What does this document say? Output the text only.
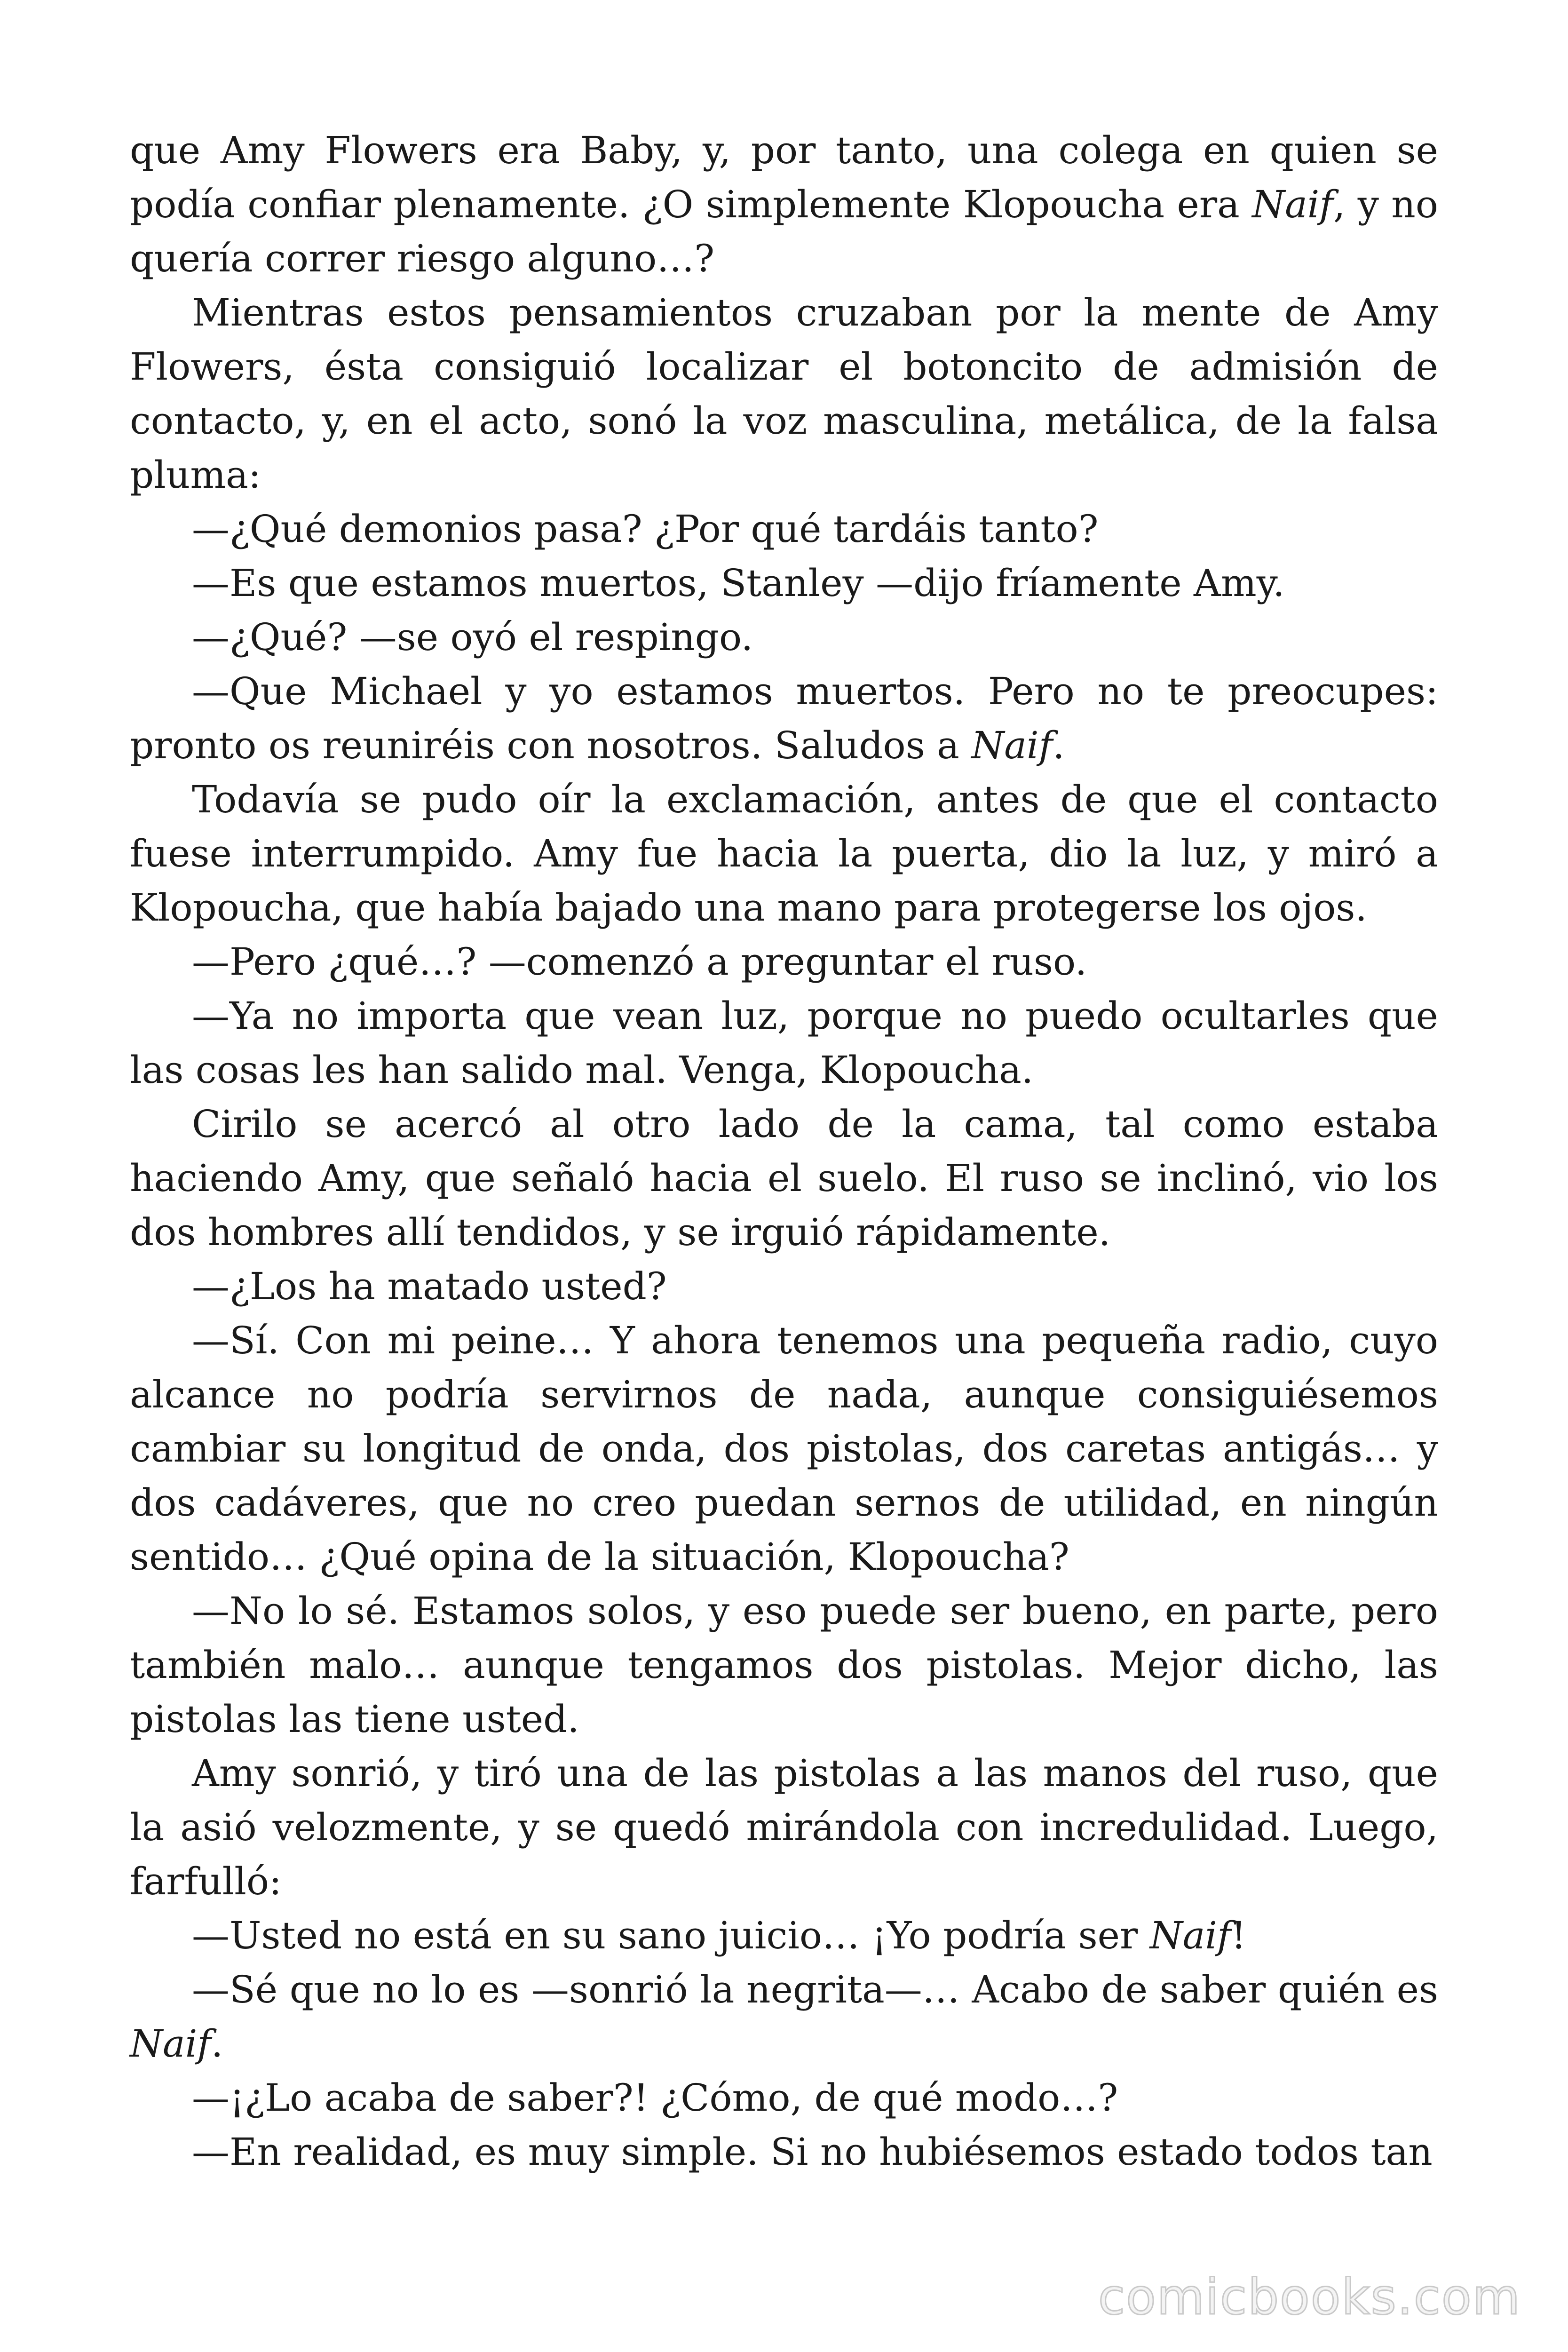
que Amy Flowers era Baby, y, por tanto, una colega en quien se podía confiar plenamente. ¿O simplemente Klopoucha era Naif, y no quería correr riesgo alguno…?

Mientras estos pensamientos cruzaban por la mente de Amy Flowers, ésta consiguió localizar el botoncito de admisión de contacto, y, en el acto, sonó la voz masculina, metálica, de la falsa pluma:

—¿Qué demonios pasa? ¿Por qué tardáis tanto?

—Es que estamos muertos, Stanley —dijo fríamente Amy.

—¿Qué? —se oyó el respingo.

—Que Michael y yo estamos muertos. Pero no te preocupes: pronto os reuniréis con nosotros. Saludos a Naif.

Todavía se pudo oír la exclamación, antes de que el contacto fuese interrumpido. Amy fue hacia la puerta, dio la luz, y miró a Klopoucha, que había bajado una mano para protegerse los ojos.

—Pero ¿qué…? —comenzó a preguntar el ruso.

—Ya no importa que vean luz, porque no puedo ocultarles que las cosas les han salido mal. Venga, Klopoucha.

Cirilo se acercó al otro lado de la cama, tal como estaba haciendo Amy, que señaló hacia el suelo. El ruso se inclinó, vio los dos hombres allí tendidos, y se irguió rápidamente.

—¿Los ha matado usted?

—Sí. Con mi peine… Y ahora tenemos una pequeña radio, cuyo alcance no podría servirnos de nada, aunque consiguiésemos cambiar su longitud de onda, dos pistolas, dos caretas antigás… y dos cadáveres, que no creo puedan sernos de utilidad, en ningún sentido… ¿Qué opina de la situación, Klopoucha?

—No lo sé. Estamos solos, y eso puede ser bueno, en parte, pero también malo… aunque tengamos dos pistolas. Mejor dicho, las pistolas las tiene usted.

Amy sonrió, y tiró una de las pistolas a las manos del ruso, que la asió velozmente, y se quedó mirándola con incredulidad. Luego, farfulló:

—Usted no está en su sano juicio… ¡Yo podría ser Naif!

—Sé que no lo es —sonrió la negrita—… Acabo de saber quién es Naif.

—¡¿Lo acaba de saber?! ¿Cómo, de qué modo…?

—En realidad, es muy simple. Si no hubiésemos estado todos tan

comicbooks.com
